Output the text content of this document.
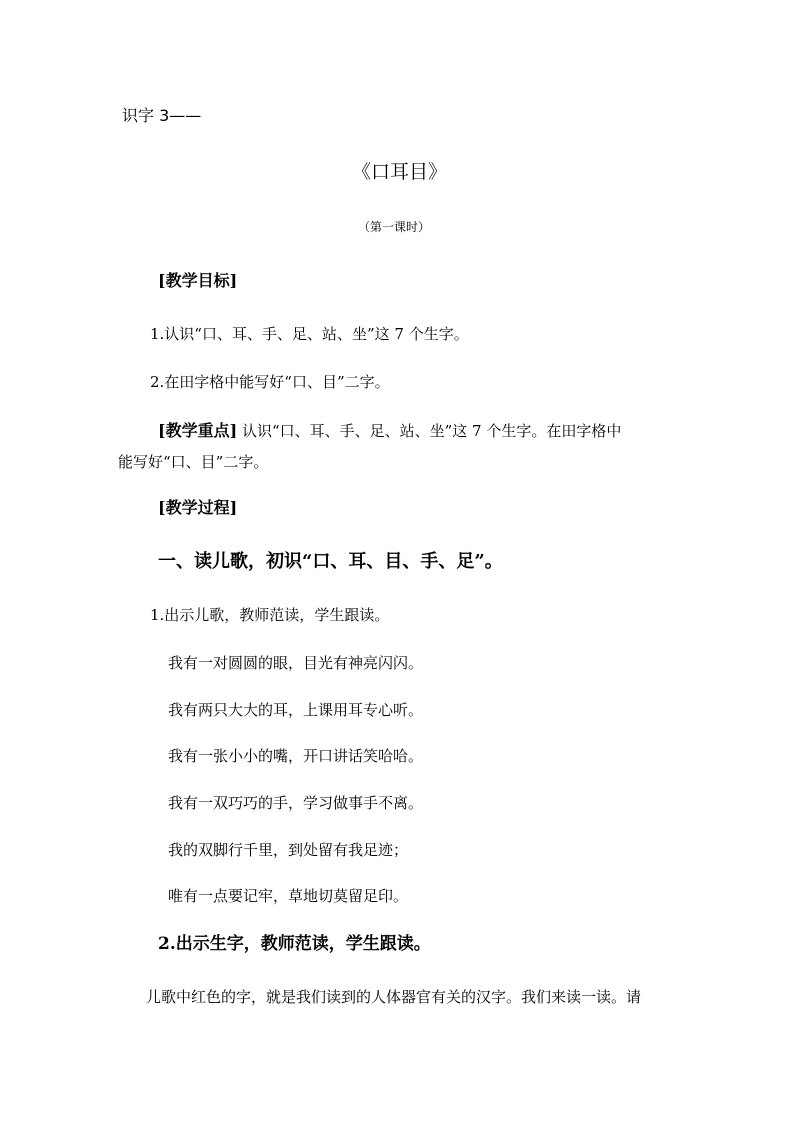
识字 3——
《口耳目》
（第一课时）
[教学目标]
1.认识“口、耳、手、足、站、坐”这 7 个生字。
2.在田字格中能写好“口、目”二字。
[教学重点] 认识“口、耳、手、足、站、坐”这 7 个生字。在田字格中
能写好“口、目”二字。
[教学过程]
一、读儿歌，初识“口、耳、目、手、足”。
1.出示儿歌，教师范读，学生跟读。
我有一对圆圆的眼，目光有神亮闪闪。
我有两只大大的耳，上课用耳专心听。
我有一张小小的嘴，开口讲话笑哈哈。
我有一双巧巧的手，学习做事手不离。
我的双脚行千里，到处留有我足迹；
唯有一点要记牢，草地切莫留足印。
2.出示生字，教师范读，学生跟读。
儿歌中红色的字，就是我们读到的人体器官有关的汉字。我们来读一读。请
